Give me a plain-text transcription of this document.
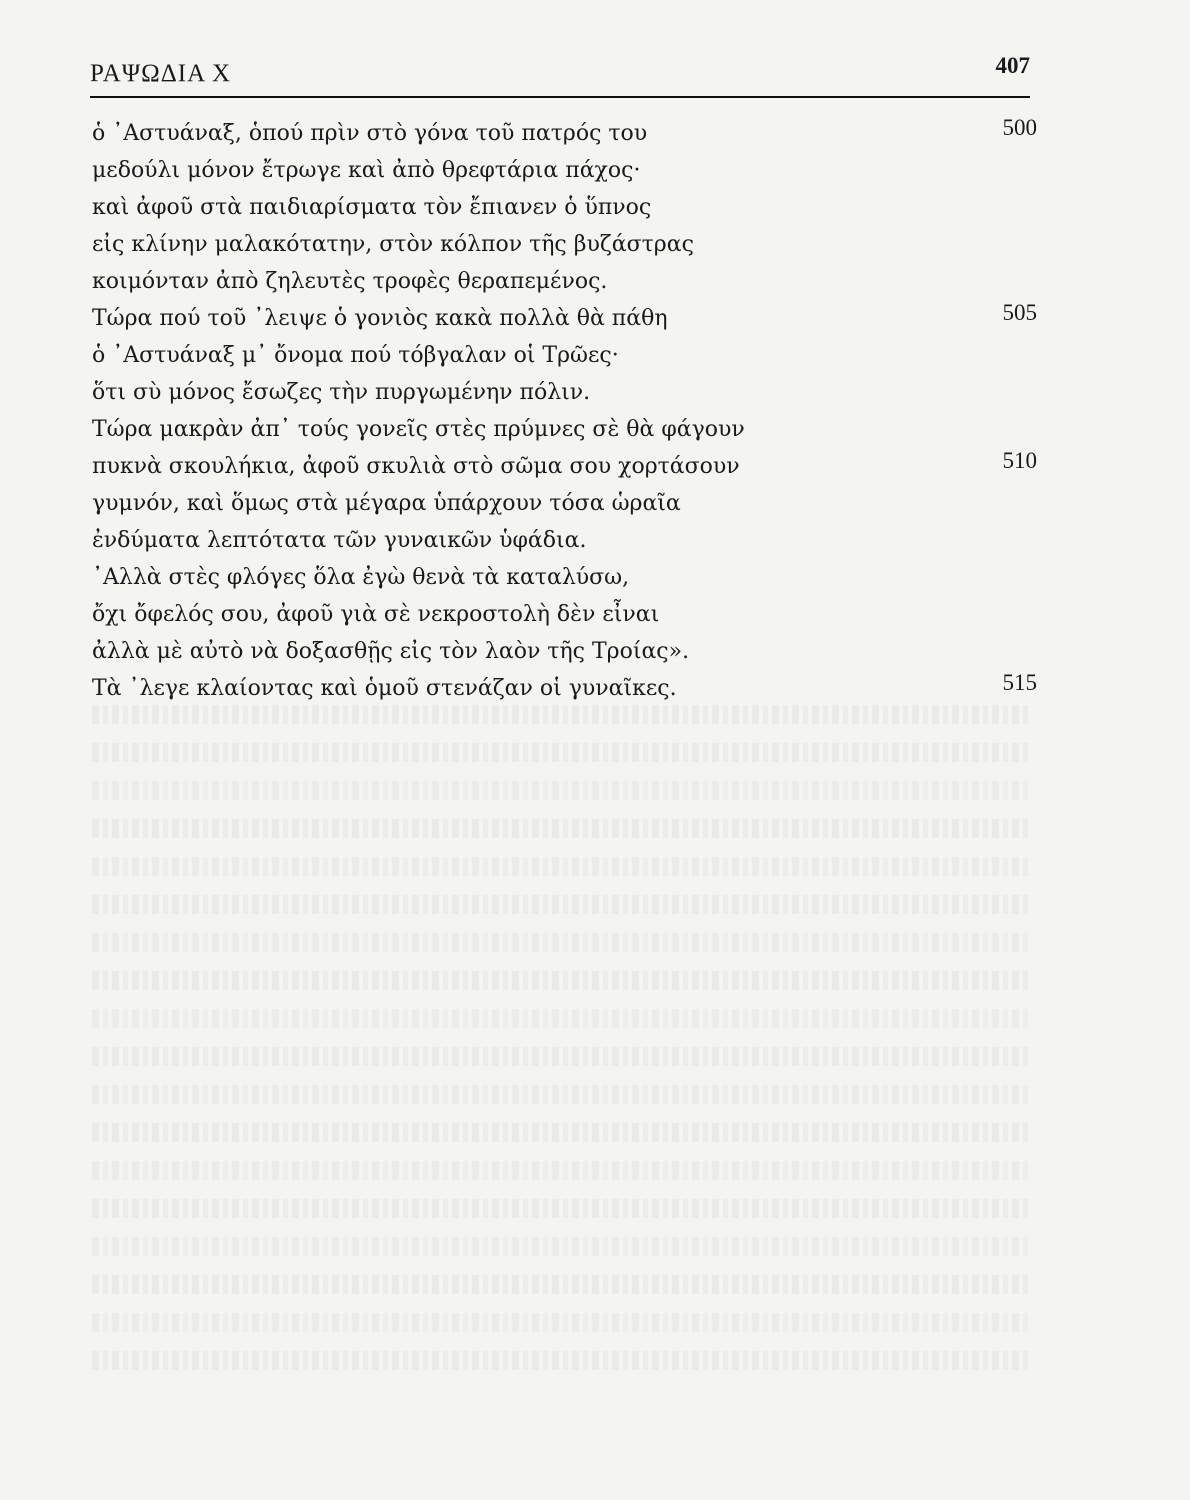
ΡΑΨΩΔΙΑ Χ	407
ὁ ᾿Αστυάναξ, ὁπού πρὶν στὸ γόνα τοῦ πατρός του	500
μεδούλι μόνον ἔτρωγε καὶ ἀπὸ θρεφτάρια πάχος·
καὶ ἀφοῦ στὰ παιδιαρίσματα τὸν ἔπιανεν ὁ ὕπνος
εἰς κλίνην μαλακότατην, στὸν κόλπον τῆς βυζάστρας
κοιμόνταν ἀπὸ ζηλευτὲς τροφὲς θεραπεμένος.
Τώρα πού τοῦ ᾿λειψε ὁ γονιὸς κακὰ πολλὰ θὰ πάθη	505
ὁ ᾿Αστυάναξ μ᾿ ὄνομα πού τόβγαλαν οἱ Τρῶες·
ὅτι σὺ μόνος ἔσωζες τὴν πυργωμένην πόλιν.
Τώρα μακρὰν ἀπ᾿ τούς γονεῖς στὲς πρύμνες σὲ θὰ φάγουν
πυκνὰ σκουλήκια, ἀφοῦ σκυλιὰ στὸ σῶμα σου χορτάσουν	510
γυμνόν, καὶ ὅμως στὰ μέγαρα ὑπάρχουν τόσα ὡραῖα
ἐνδύματα λεπτότατα τῶν γυναικῶν ὑφάδια.
᾿Αλλὰ στὲς φλόγες ὅλα ἐγὼ θενὰ τὰ καταλύσω,
ὄχι ὄφελός σου, ἀφοῦ γιὰ σὲ νεκροστολὴ δὲν εἶναι
ἀλλὰ μὲ αὐτὸ νὰ δοξασθῇς εἰς τὸν λαὸν τῆς Τροίας».
Τὰ ᾿λεγε κλαίοντας καὶ ὁμοῦ στενάζαν οἱ γυναῖκες.	515
